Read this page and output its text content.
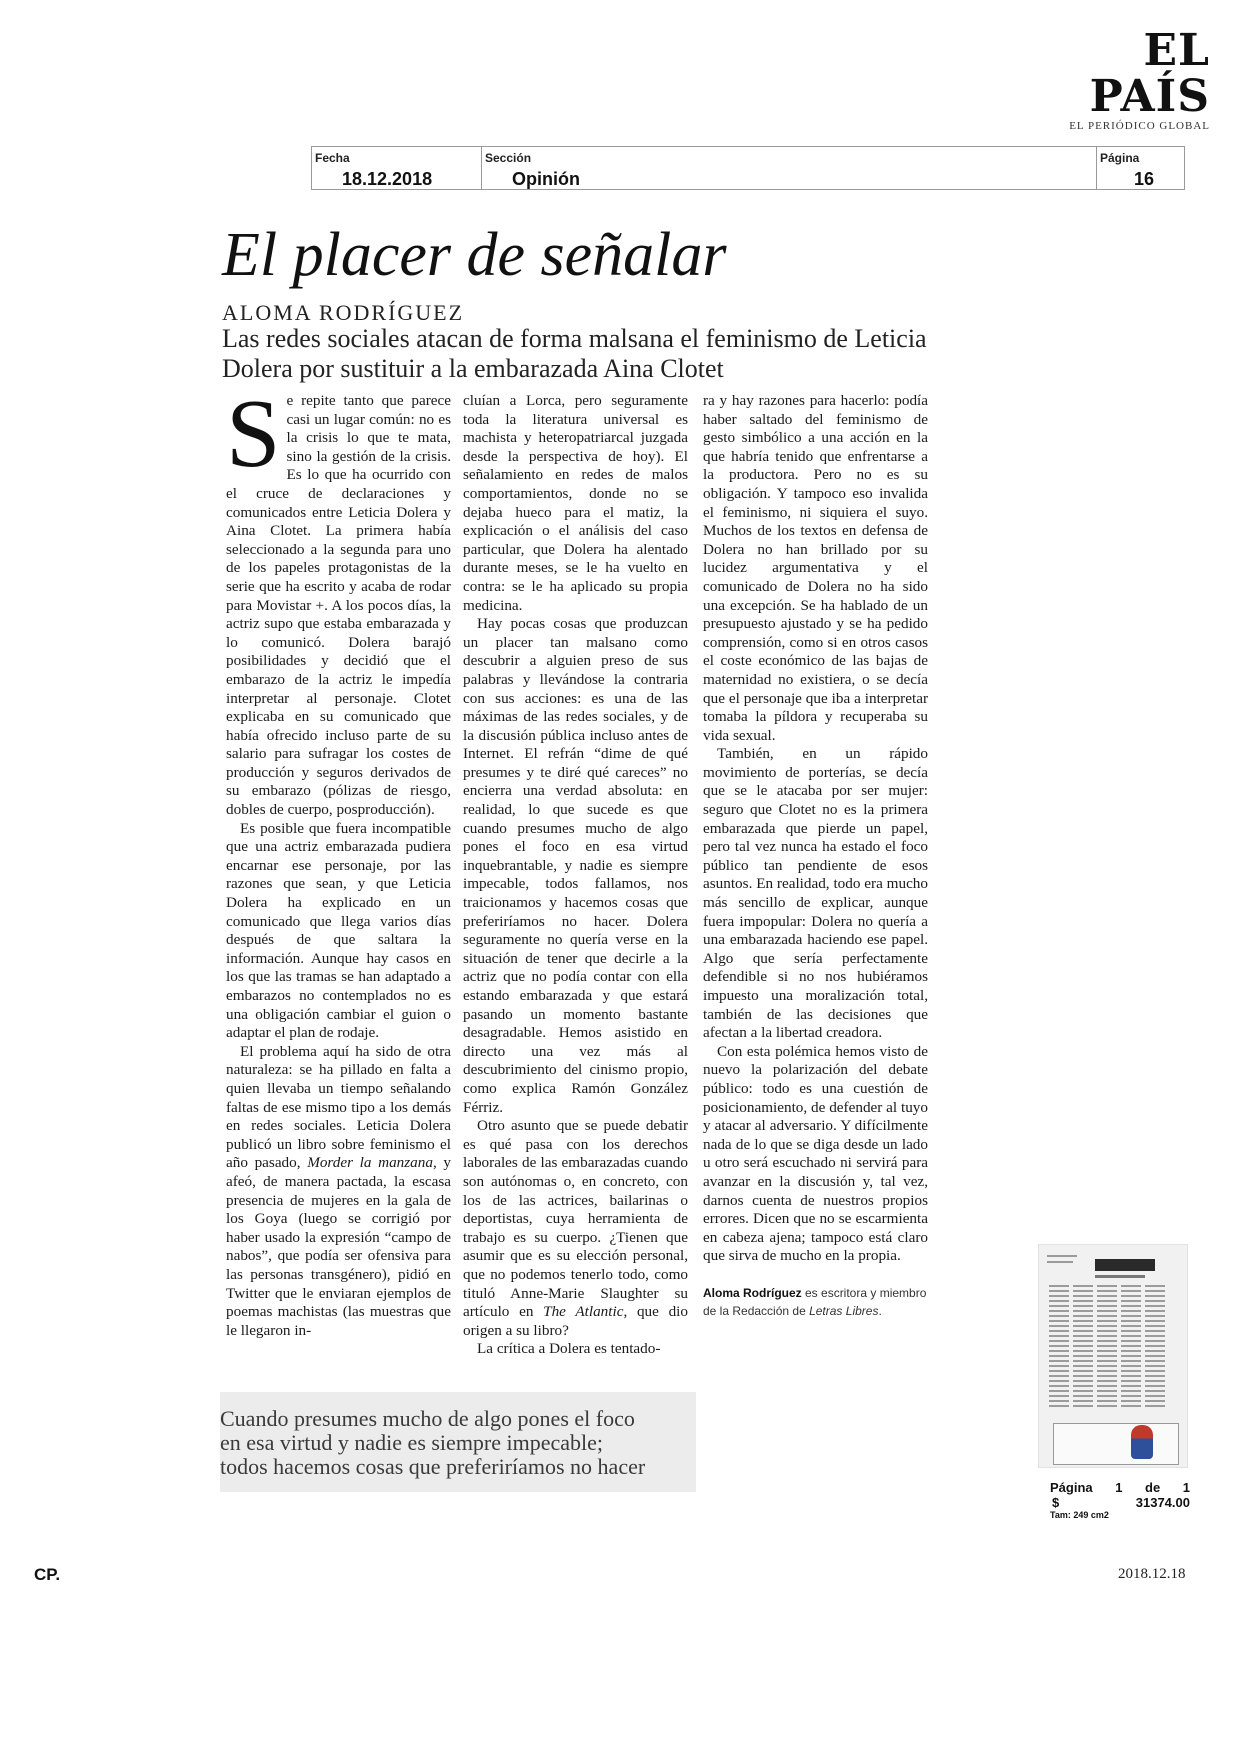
EL PAÍS
EL PERIÓDICO GLOBAL
Fecha
18.12.2018
Sección
Opinión
Página
16
El placer de señalar
ALOMA RODRÍGUEZ
Las redes sociales atacan de forma malsana el feminismo de Leticia Dolera por sustituir a la embarazada Aina Clotet

Se repite tanto que parece casi un lugar común: no es la crisis lo que te mata, sino la gestión de la crisis. Es lo que ha ocurrido con el cruce de declaraciones y comunicados entre Leticia Dolera y Aina Clotet. La primera había seleccionado a la segunda para uno de los papeles protagonistas de la serie que ha escrito y acaba de rodar para Movistar +. A los pocos días, la actriz supo que estaba embarazada y lo comunicó. Dolera barajó posibilidades y decidió que el embarazo de la actriz le impedía interpretar al personaje. Clotet explicaba en su comunicado que había ofrecido incluso parte de su salario para sufragar los costes de producción y seguros derivados de su embarazo (pólizas de riesgo, dobles de cuerpo, posproducción).

Es posible que fuera incompatible que una actriz embarazada pudiera encarnar ese personaje, por las razones que sean, y que Leticia Dolera ha explicado en un comunicado que llega varios días después de que saltara la información. Aunque hay casos en los que las tramas se han adaptado a embarazos no contemplados no es una obligación cambiar el guion o adaptar el plan de rodaje.

El problema aquí ha sido de otra naturaleza: se ha pillado en falta a quien llevaba un tiempo señalando faltas de ese mismo tipo a los demás en redes sociales. Leticia Dolera publicó un libro sobre feminismo el año pasado, Morder la manzana, y afeó, de manera pactada, la escasa presencia de mujeres en la gala de los Goya (luego se corrigió por haber usado la expresión “campo de nabos”, que podía ser ofensiva para las personas transgénero), pidió en Twitter que le enviaran ejemplos de poemas machistas (las muestras que le llegaron in-

cluían a Lorca, pero seguramente toda la literatura universal es machista y heteropatriarcal juzgada desde la perspectiva de hoy). El señalamiento en redes de malos comportamientos, donde no se dejaba hueco para el matiz, la explicación o el análisis del caso particular, que Dolera ha alentado durante meses, se le ha vuelto en contra: se le ha aplicado su propia medicina.

Hay pocas cosas que produzcan un placer tan malsano como descubrir a alguien preso de sus palabras y llevándose la contraria con sus acciones: es una de las máximas de las redes sociales, y de la discusión pública incluso antes de Internet. El refrán “dime de qué presumes y te diré qué careces” no encierra una verdad absoluta: en realidad, lo que sucede es que cuando presumes mucho de algo pones el foco en esa virtud inquebrantable, y nadie es siempre impecable, todos fallamos, nos traicionamos y hacemos cosas que preferiríamos no hacer. Dolera seguramente no quería verse en la situación de tener que decirle a la actriz que no podía contar con ella estando embarazada y que estará pasando un momento bastante desagradable. Hemos asistido en directo una vez más al descubrimiento del cinismo propio, como explica Ramón González Férriz.

Otro asunto que se puede debatir es qué pasa con los derechos laborales de las embarazadas cuando son autónomas o, en concreto, con los de las actrices, bailarinas o deportistas, cuya herramienta de trabajo es su cuerpo. ¿Tienen que asumir que es su elección personal, que no podemos tenerlo todo, como tituló Anne-Marie Slaughter su artículo en The Atlantic, que dio origen a su libro?

La crítica a Dolera es tentado-

ra y hay razones para hacerlo: podía haber saltado del feminismo de gesto simbólico a una acción en la que habría tenido que enfrentarse a la productora. Pero no es su obligación. Y tampoco eso invalida el feminismo, ni siquiera el suyo. Muchos de los textos en defensa de Dolera no han brillado por su lucidez argumentativa y el comunicado de Dolera no ha sido una excepción. Se ha hablado de un presupuesto ajustado y se ha pedido comprensión, como si en otros casos el coste económico de las bajas de maternidad no existiera, o se decía que el personaje que iba a interpretar tomaba la píldora y recuperaba su vida sexual.

También, en un rápido movimiento de porterías, se decía que se le atacaba por ser mujer: seguro que Clotet no es la primera embarazada que pierde un papel, pero tal vez nunca ha estado el foco público tan pendiente de esos asuntos. En realidad, todo era mucho más sencillo de explicar, aunque fuera impopular: Dolera no quería a una embarazada haciendo ese papel. Algo que sería perfectamente defendible si no nos hubiéramos impuesto una moralización total, también de las decisiones que afectan a la libertad creadora.

Con esta polémica hemos visto de nuevo la polarización del debate público: todo es una cuestión de posicionamiento, de defender al tuyo y atacar al adversario. Y difícilmente nada de lo que se diga desde un lado u otro será escuchado ni servirá para avanzar en la discusión y, tal vez, darnos cuenta de nuestros propios errores. Dicen que no se escarmienta en cabeza ajena; tampoco está claro que sirva de mucho en la propia.

Aloma Rodríguez es escritora y miembro de la Redacción de Letras Libres.
Cuando presumes mucho de algo pones el foco
en esa virtud y nadie es siempre impecable;
todos hacemos cosas que preferiríamos no hacer
Página 1 de 1
$	31374.00
Tam: 249 cm2
CP.	2018.12.18
